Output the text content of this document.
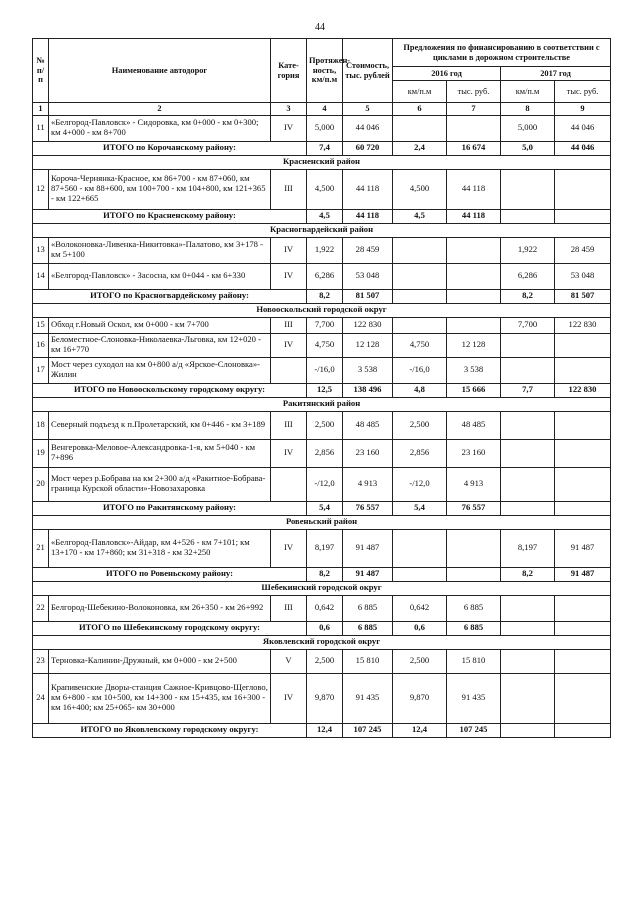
44
№ п/п	Наименование автодорог	Кате-гория	Протяжен-ность, км/п.м	Стоимость, тыс. рублей	Предложения по финансированию в соответствии с циклами в дорожном строительстве			
					2016 год		2017 год	
					км/п.м	тыс. руб.	км/п.м	тыс. руб.
1	2	3	4	5	6	7	8	9
11	«Белгород-Павловск» - Сидоровка, км 0+000 - км 0+300; км 4+000 - км 8+700	IV	5,000	44 046			5,000	44 046
ИТОГО по Корочанскому району:			7,4	60 720	2,4	16 674	5,0	44 046
Красненский район								
12	Короча-Чернянка-Красное, км 86+700 - км 87+060, км 87+560 - км 88+600, км 100+700 - км 104+800, км 121+365 - км 122+665	III	4,500	44 118	4,500	44 118		
ИТОГО по Красненскому району:			4,5	44 118	4,5	44 118		
Красногвардейский район								
13	«Волоконовка-Ливенка-Никитовка»-Палатово, км 3+178 - км 5+100	IV	1,922	28 459			1,922	28 459
14	«Белгород-Павловск» - Засосна, км 0+044 - км 6+330	IV	6,286	53 048			6,286	53 048
ИТОГО по Красногвардейскому району:			8,2	81 507			8,2	81 507
Новооскольский городской округ								
15	Обход г.Новый Оскол, км 0+000 - км 7+700	III	7,700	122 830			7,700	122 830
16	Беломестное-Слоновка-Николаевка-Льговка, км 12+020 - км 16+770	IV	4,750	12 128	4,750	12 128		
17	Мост через суходол на км 0+800 а/д «Ярское-Слоновка»-Жилин		-/16,0	3 538	-/16,0	3 538		
ИТОГО по Новооскольскому городскому округу:			12,5	138 496	4,8	15 666	7,7	122 830
Ракитянский район								
18	Северный подъезд к п.Пролетарский, км 0+446 - км 3+189	III	2,500	48 485	2,500	48 485		
19	Венгеровка-Меловое-Александровка-1-я, км 5+040 - км 7+896	IV	2,856	23 160	2,856	23 160		
20	Мост через р.Бобрава на км 2+300 а/д «Ракитное-Бобрава-граница Курской области»-Новозахаровка		-/12,0	4 913	-/12,0	4 913		
ИТОГО по Ракитянскому району:			5,4	76 557	5,4	76 557		
Ровеньский район								
21	«Белгород-Павловск»-Айдар, км 4+526 - км 7+101; км 13+170 - км 17+860; км 31+318 - км 32+250	IV	8,197	91 487			8,197	91 487
ИТОГО по Ровеньскому району:			8,2	91 487			8,2	91 487
Шебекинский городской округ								
22	Белгород-Шебекино-Волоконовка, км 26+350 - км 26+992	III	0,642	6 885	0,642	6 885		
ИТОГО по Шебекинскому городскому округу:			0,6	6 885	0,6	6 885		
Яковлевский городской округ								
23	Терновка-Калинин-Дружный, км 0+000 - км 2+500	V	2,500	15 810	2,500	15 810		
24	Крапивенские Дворы-станция Сажное-Кривцово-Щеглово, км 6+800 - км 10+500, км 14+300 - км 15+435, км 16+300 - км 16+400; км 25+065- км 30+000	IV	9,870	91 435	9,870	91 435		
ИТОГО по Яковлевскому городскому округу:			12,4	107 245	12,4	107 245		
